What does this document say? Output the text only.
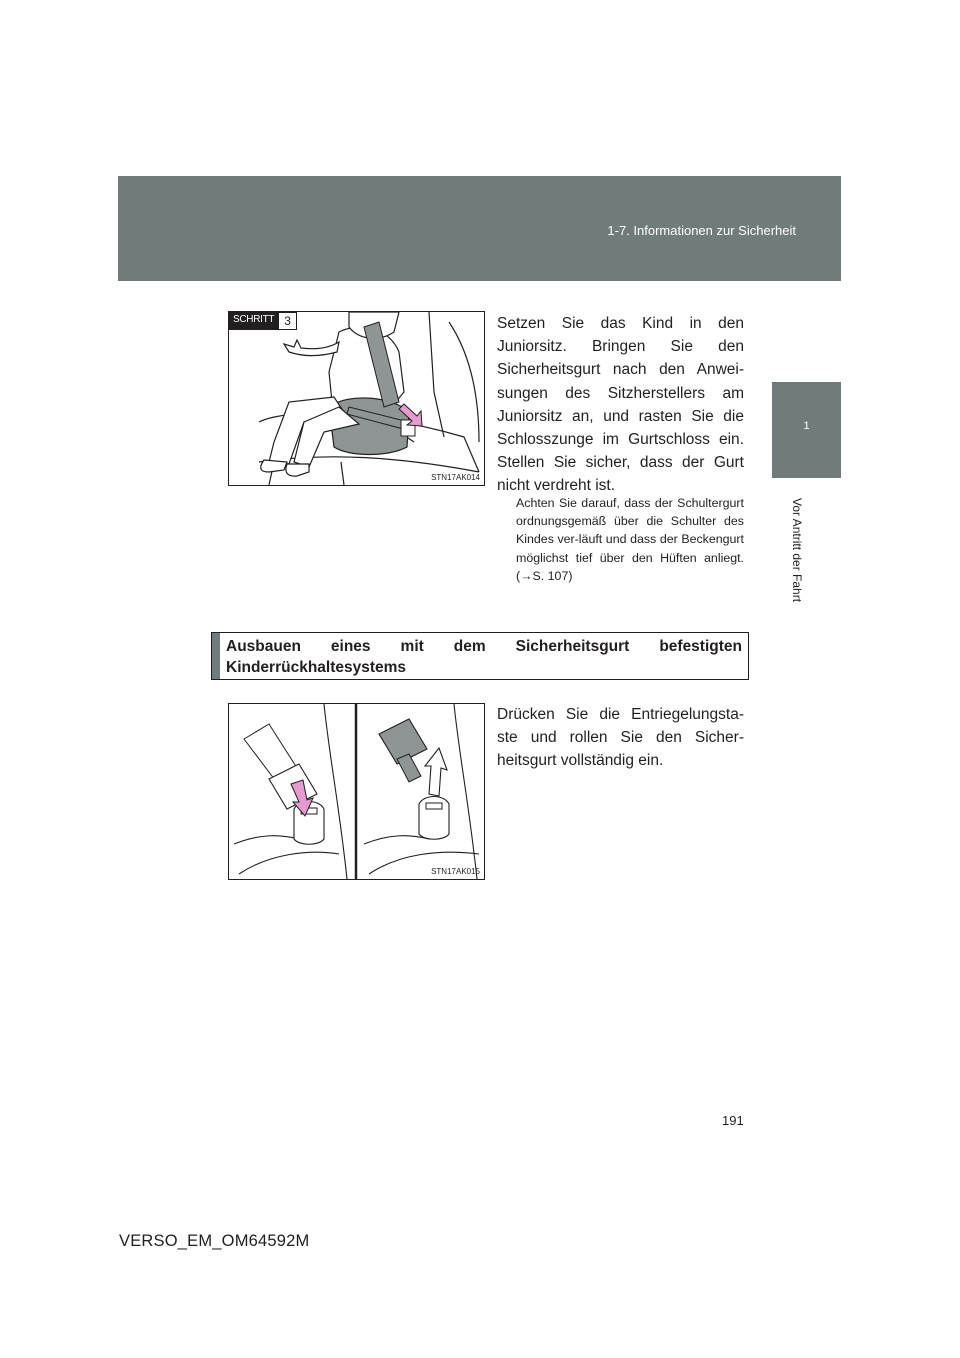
1-7. Informationen zur Sicherheit
1
Vor Antritt der Fahrt
SCHRITT 3
STN17AK014
Setzen Sie das Kind in den Juniorsitz. Bringen Sie den Sicherheitsgurt nach den Anwei-sungen des Sitzherstellers am Juniorsitz an, und rasten Sie die Schlosszunge im Gurtschloss ein. Stellen Sie sicher, dass der Gurt nicht verdreht ist.
Achten Sie darauf, dass der Schultergurt ordnungsgemäß über die Schulter des Kindes ver-läuft und dass der Beckengurt möglichst tief über den Hüften anliegt. (→S. 107)
Ausbauen eines mit dem Sicherheitsgurt befestigten Kinderrückhaltesystems
STN17AK015
Drücken Sie die Entriegelungsta-ste und rollen Sie den Sicher-heitsgurt vollständig ein.
191
VERSO_EM_OM64592M
